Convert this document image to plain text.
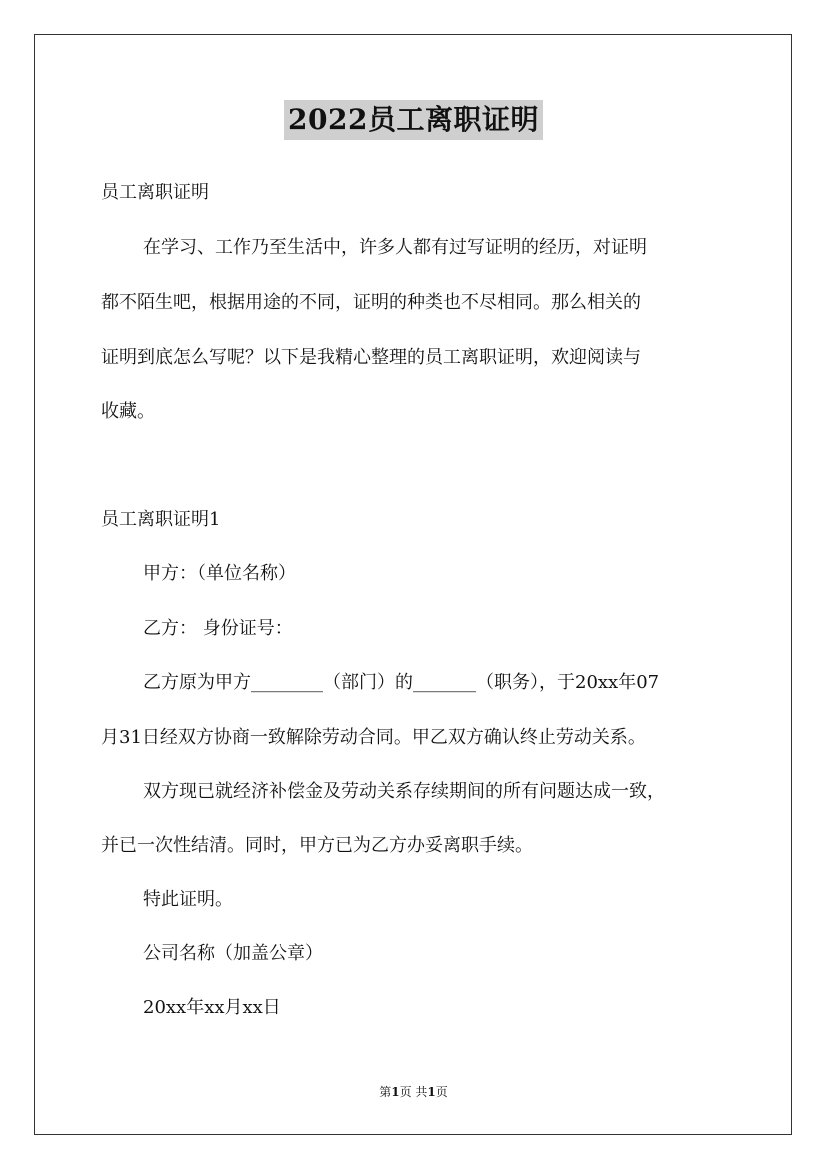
2022员工离职证明
员工离职证明
在学习、工作乃至生活中，许多人都有过写证明的经历，对证明
都不陌生吧，根据用途的不同，证明的种类也不尽相同。那么相关的
证明到底怎么写呢？以下是我精心整理的员工离职证明，欢迎阅读与
收藏。
员工离职证明1
甲方：（单位名称）
乙方： 身份证号：
乙方原为甲方________（部门）的_______（职务），于20xx年07
月31日经双方协商一致解除劳动合同。甲乙双方确认终止劳动关系。
双方现已就经济补偿金及劳动关系存续期间的所有问题达成一致，
并已一次性结清。同时，甲方已为乙方办妥离职手续。
特此证明。
公司名称（加盖公章）
20xx年xx月xx日
第1页 共1页
